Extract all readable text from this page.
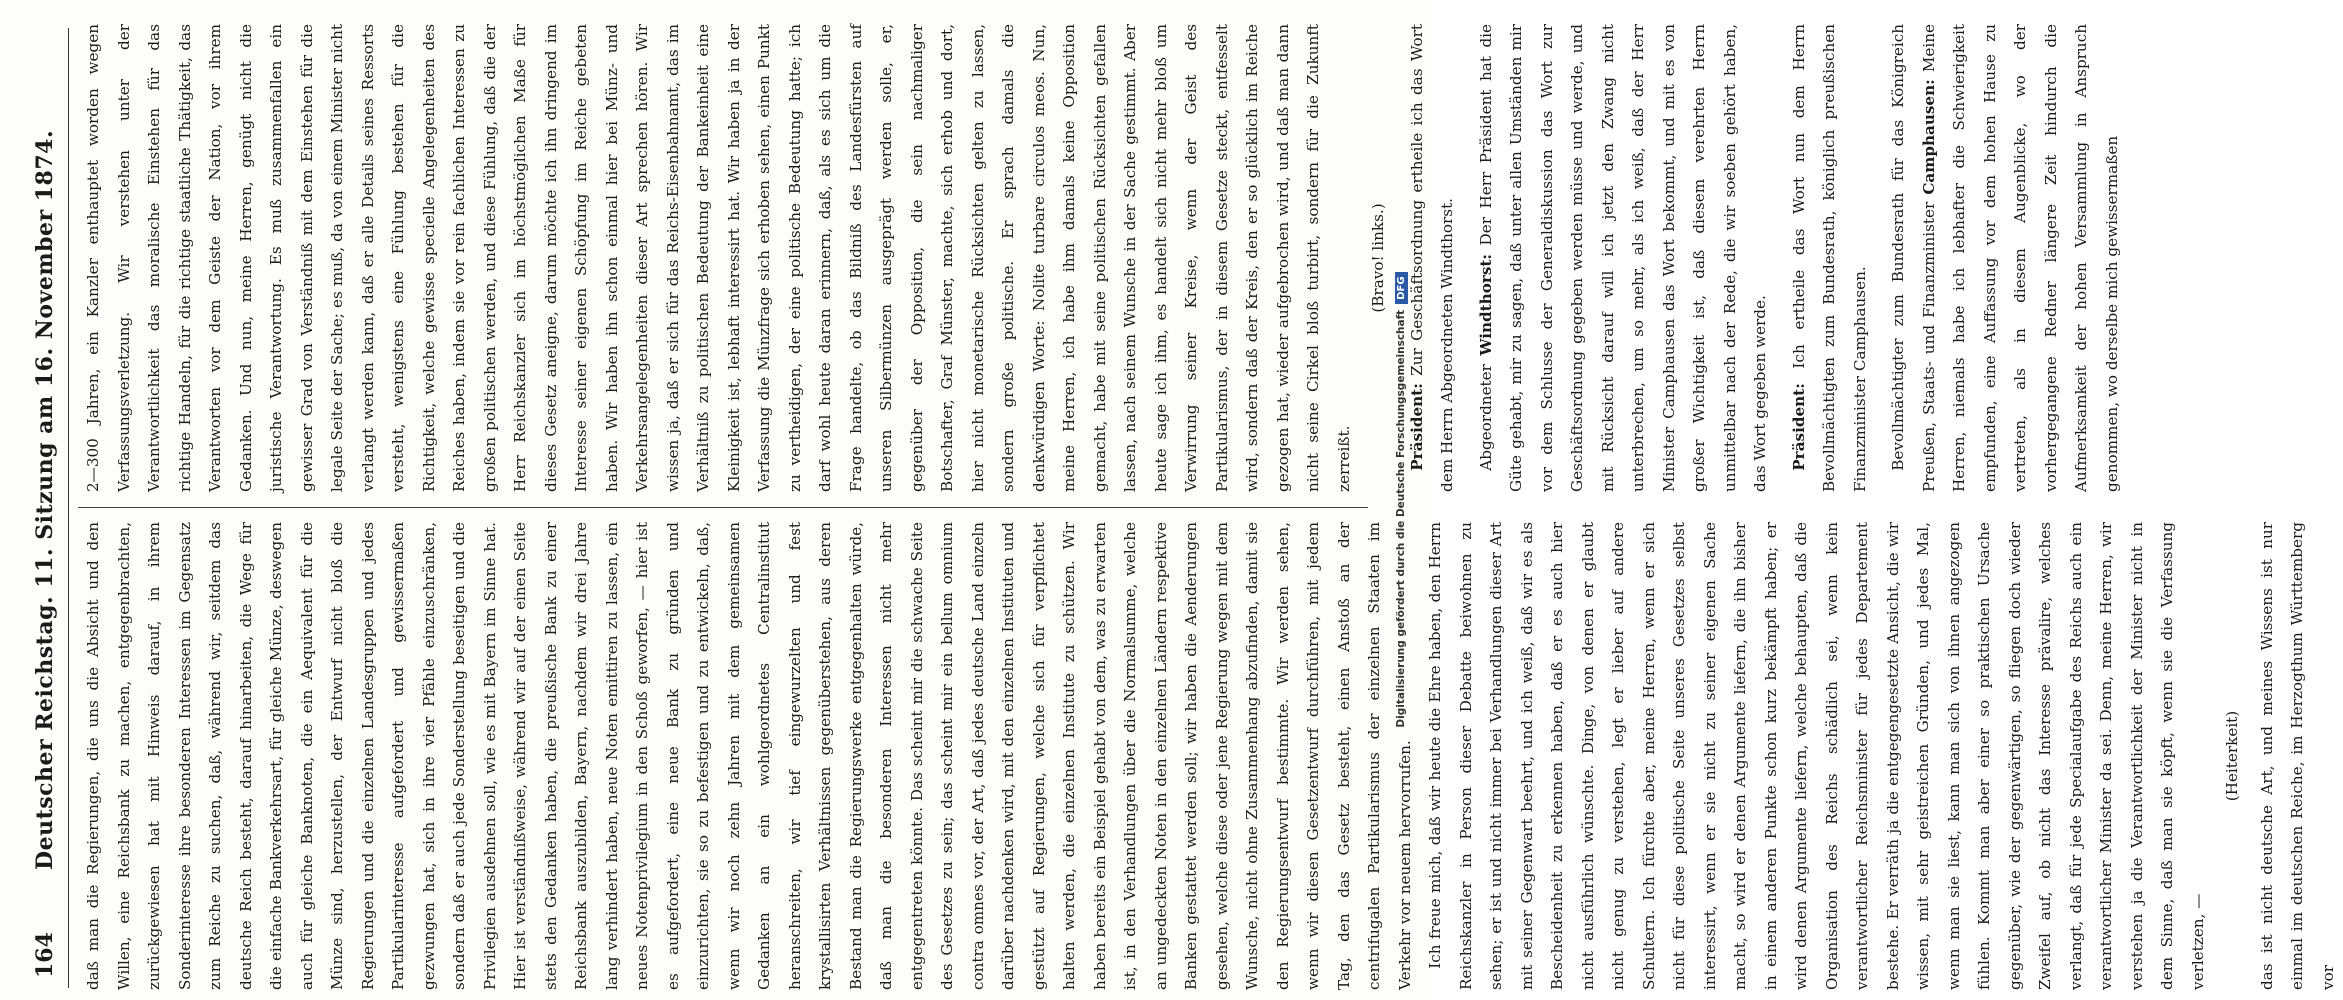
164
Deutscher Reichstag. 11. Sitzung am 16. November 1874.	daß man die Regierungen, die uns die Absicht und den Willen, eine Reichsbank zu machen, entgegenbrachten, zurückgewiesen hat mit Hinweis darauf, in ihrem Sonderinteresse ihre besonderen Interessen im Gegensatz zum Reiche zu suchen, daß, während wir, seitdem das deutsche Reich besteht, darauf hinarbeiten, die Wege für die einfache Bankverkehrsart, für gleiche Münze, deswegen auch für gleiche Banknoten, die ein Aequivalent für die Münze sind, herzustellen, der Entwurf nicht bloß die Regierungen und die einzelnen Landesgruppen und jedes Partikularinteresse aufgefordert und gewissermaßen gezwungen hat, sich in ihre vier Pfähle einzuschränken, sondern daß er auch jede Sonderstellung beseitigen und die Privilegien ausdehnen soll, wie es mit Bayern im Sinne hat. Hier ist verständnißweise, während wir auf der einen Seite stets den Gedanken haben, die preußische Bank zu einer Reichsbank auszubilden, Bayern, nachdem wir drei Jahre lang verhindert haben, neue Noten emittiren zu lassen, ein neues Notenprivilegium in den Schoß geworfen, — hier ist es aufgefordert, eine neue Bank zu gründen und einzurichten, sie so zu befestigen und zu entwickeln, daß, wenn wir noch zehn Jahren mit dem gemeinsamen Gedanken an ein wohlgeordnetes Centralinstitut heranschreiten, wir tief eingewurzelten und fest krystallisirten Verhältnissen gegenüberstehen, aus deren Bestand man die Regierungswerke entgegenhalten würde, daß man die besonderen Interessen nicht mehr entgegentreten könnte. Das scheint mir die schwache Seite des Gesetzes zu sein; das scheint mir ein bellum omnium contra omnes vor, der Art, daß jedes deutsche Land einzeln darüber nachdenken wird, mit den einzelnen Instituten und gestützt auf Regierungen, welche sich für verpflichtet halten werden, die einzelnen Institute zu schützen. Wir haben bereits ein Beispiel gehabt von dem, was zu erwarten ist, in den Verhandlungen über die Normalsumme, welche an ungedeckten Noten in den einzelnen Ländern respektive Banken gestattet werden soll; wir haben die Aenderungen gesehen, welche diese oder jene Regierung wegen mit dem Wunsche, nicht ohne Zusammenhang abzufinden, damit sie den Regierungsentwurf bestimmte. Wir werden sehen, wenn wir diesen Gesetzentwurf durchführen, mit jedem Tag, den das Gesetz besteht, einen Anstoß an der centrifugalen Partikularismus der einzelnen Staaten im Verkehr vor neuem hervorrufen. Ich freue mich, daß wir heute die Ehre haben, den Herrn Reichskanzler in Person dieser Debatte beiwohnen zu sehen; er ist und nicht immer bei Verhandlungen dieser Art mit seiner Gegenwart beehrt, und ich weiß, daß wir es als Bescheidenheit zu erkennen haben, daß er es auch hier nicht ausführlich wünschte. Dinge, von denen er glaubt nicht genug zu verstehen, legt er lieber auf andere Schultern. Ich fürchte aber, meine Herren, wenn er sich nicht für diese politische Seite unseres Gesetzes selbst interessirt, wenn er sie nicht zu seiner eigenen Sache macht, so wird er denen Argumente liefern, die ihn bisher in einem anderen Punkte schon kurz bekämpft haben; er wird denen Argumente liefern, welche behaupten, daß die Organisation des Reichs schädlich sei, wenn kein verantwortlicher Reichsminister für jedes Departement bestehe. Er verräth ja die entgegengesetzte Ansicht, die wir wissen, mit sehr geistreichen Gründen, und jedes Mal, wenn man sie liest, kann man sich von ihnen angezogen fühlen. Kommt man aber einer so praktischen Ursache gegenüber, wie der gegenwärtigen, so fliegen doch wieder Zweifel auf, ob nicht das Interesse prävalire, welches verlangt, daß für jede Specialaufgabe des Reichs auch ein verantwortlicher Minister da sei. Denn, meine Herren, wir verstehen ja die Verantwortlichkeit der Minister nicht in dem Sinne, daß man sie köpft, wenn sie die Verfassung verletzen, —

(Heiterkeit)	das ist nicht deutsche Art, und meines Wissens ist nur einmal im deutschen Reiche, im Herzogthum Württemberg vor

2—300 Jahren, ein Kanzler enthauptet worden wegen Verfassungsverletzung. Wir verstehen unter der Verantwortlichkeit das moralische Einstehen für das richtige Handeln, für die richtige staatliche Thätigkeit, das Verantworten vor dem Geiste der Nation, vor ihrem Gedanken. Und nun, meine Herren, genügt nicht die juristische Verantwortung. Es muß zusammenfallen ein gewisser Grad von Verständniß mit dem Einstehen für die legale Seite der Sache; es muß, da von einem Minister nicht verlangt werden kann, daß er alle Details seines Ressorts versteht, wenigstens eine Fühlung bestehen für die Richtigkeit, welche gewisse specielle Angelegenheiten des Reiches haben, indem sie vor rein fachlichen Interessen zu großen politischen werden, und diese Fühlung, daß die der Herr Reichskanzler sich im höchstmöglichen Maße für dieses Gesetz aneigne, darum möchte ich ihn dringend im Interesse seiner eigenen Schöpfung im Reiche gebeten haben. Wir haben ihn schon einmal hier bei Münz- und Verkehrsangelegenheiten dieser Art sprechen hören. Wir wissen ja, daß er sich für das Reichs-Eisenbahnamt, das im Verhältniß zu politischen Bedeutung der Bankeinheit eine Kleinigkeit ist, lebhaft interessirt hat. Wir haben ja in der Verfassung die Münzfrage sich erhoben sehen, einen Punkt zu vertheidigen, der eine politische Bedeutung hatte; ich darf wohl heute daran erinnern, daß, als es sich um die Frage handelte, ob das Bildniß des Landesfürsten auf unseren Silbermünzen ausgeprägt werden solle, er, gegenüber der Opposition, die sein nachmaliger Botschafter, Graf Münster, machte, sich erhob und dort, hier nicht monetarische Rücksichten gelten zu lassen, sondern große politische. Er sprach damals die denkwürdigen Worte: Nolite turbare circulos meos. Nun, meine Herren, ich habe ihm damals keine Opposition gemacht, habe mit seine politischen Rücksichten gefallen lassen, nach seinem Wunsche in der Sache gestimmt. Aber heute sage ich ihm, es handelt sich nicht mehr bloß um Verwirrung seiner Kreise, wenn der Geist des Partikularismus, der in diesem Gesetze steckt, entfesselt wird, sondern daß der Kreis, den er so glücklich im Reiche gezogen hat, wieder aufgebrochen wird, und daß man dann nicht seine Cirkel bloß turbirt, sondern für die Zukunft zerreißt.

(Bravo! links.)

Präsident: Zur Geschäftsordnung ertheile ich das Wort dem Herrn Abgeordneten Windthorst.	Abgeordneter Windthorst: Der Herr Präsident hat die Güte gehabt, mir zu sagen, daß unter allen Umständen mir vor dem Schlusse der Generaldiskussion das Wort zur Geschäftsordnung gegeben werden müsse und werde, und mit Rücksicht darauf will ich jetzt den Zwang nicht unterbrechen, um so mehr, als ich weiß, daß der Herr Minister Camphausen das Wort bekommt, und mit es von großer Wichtigkeit ist, daß diesem verehrten Herrn unmittelbar nach der Rede, die wir soeben gehört haben, das Wort gegeben werde.	Präsident: Ich ertheile das Wort nun dem Herrn Bevollmächtigten zum Bundesrath, königlich preußischen Finanzminister Camphausen.	Bevollmächtigter zum Bundesrath für das Königreich Preußen, Staats- und Finanzminister Camphausen: Meine Herren, niemals habe ich lebhafter die Schwierigkeit empfunden, eine Auffassung vor dem hohen Hause zu vertreten, als in diesem Augenblicke, wo der vorhergegangene Redner längere Zeit hindurch die Aufmerksamkeit der hohen Versammlung in Anspruch genommen, wo derselbe mich gewissermaßen

Digitalisierung gefördert durch die Deutsche ForschungsgemeinschaftDFG
